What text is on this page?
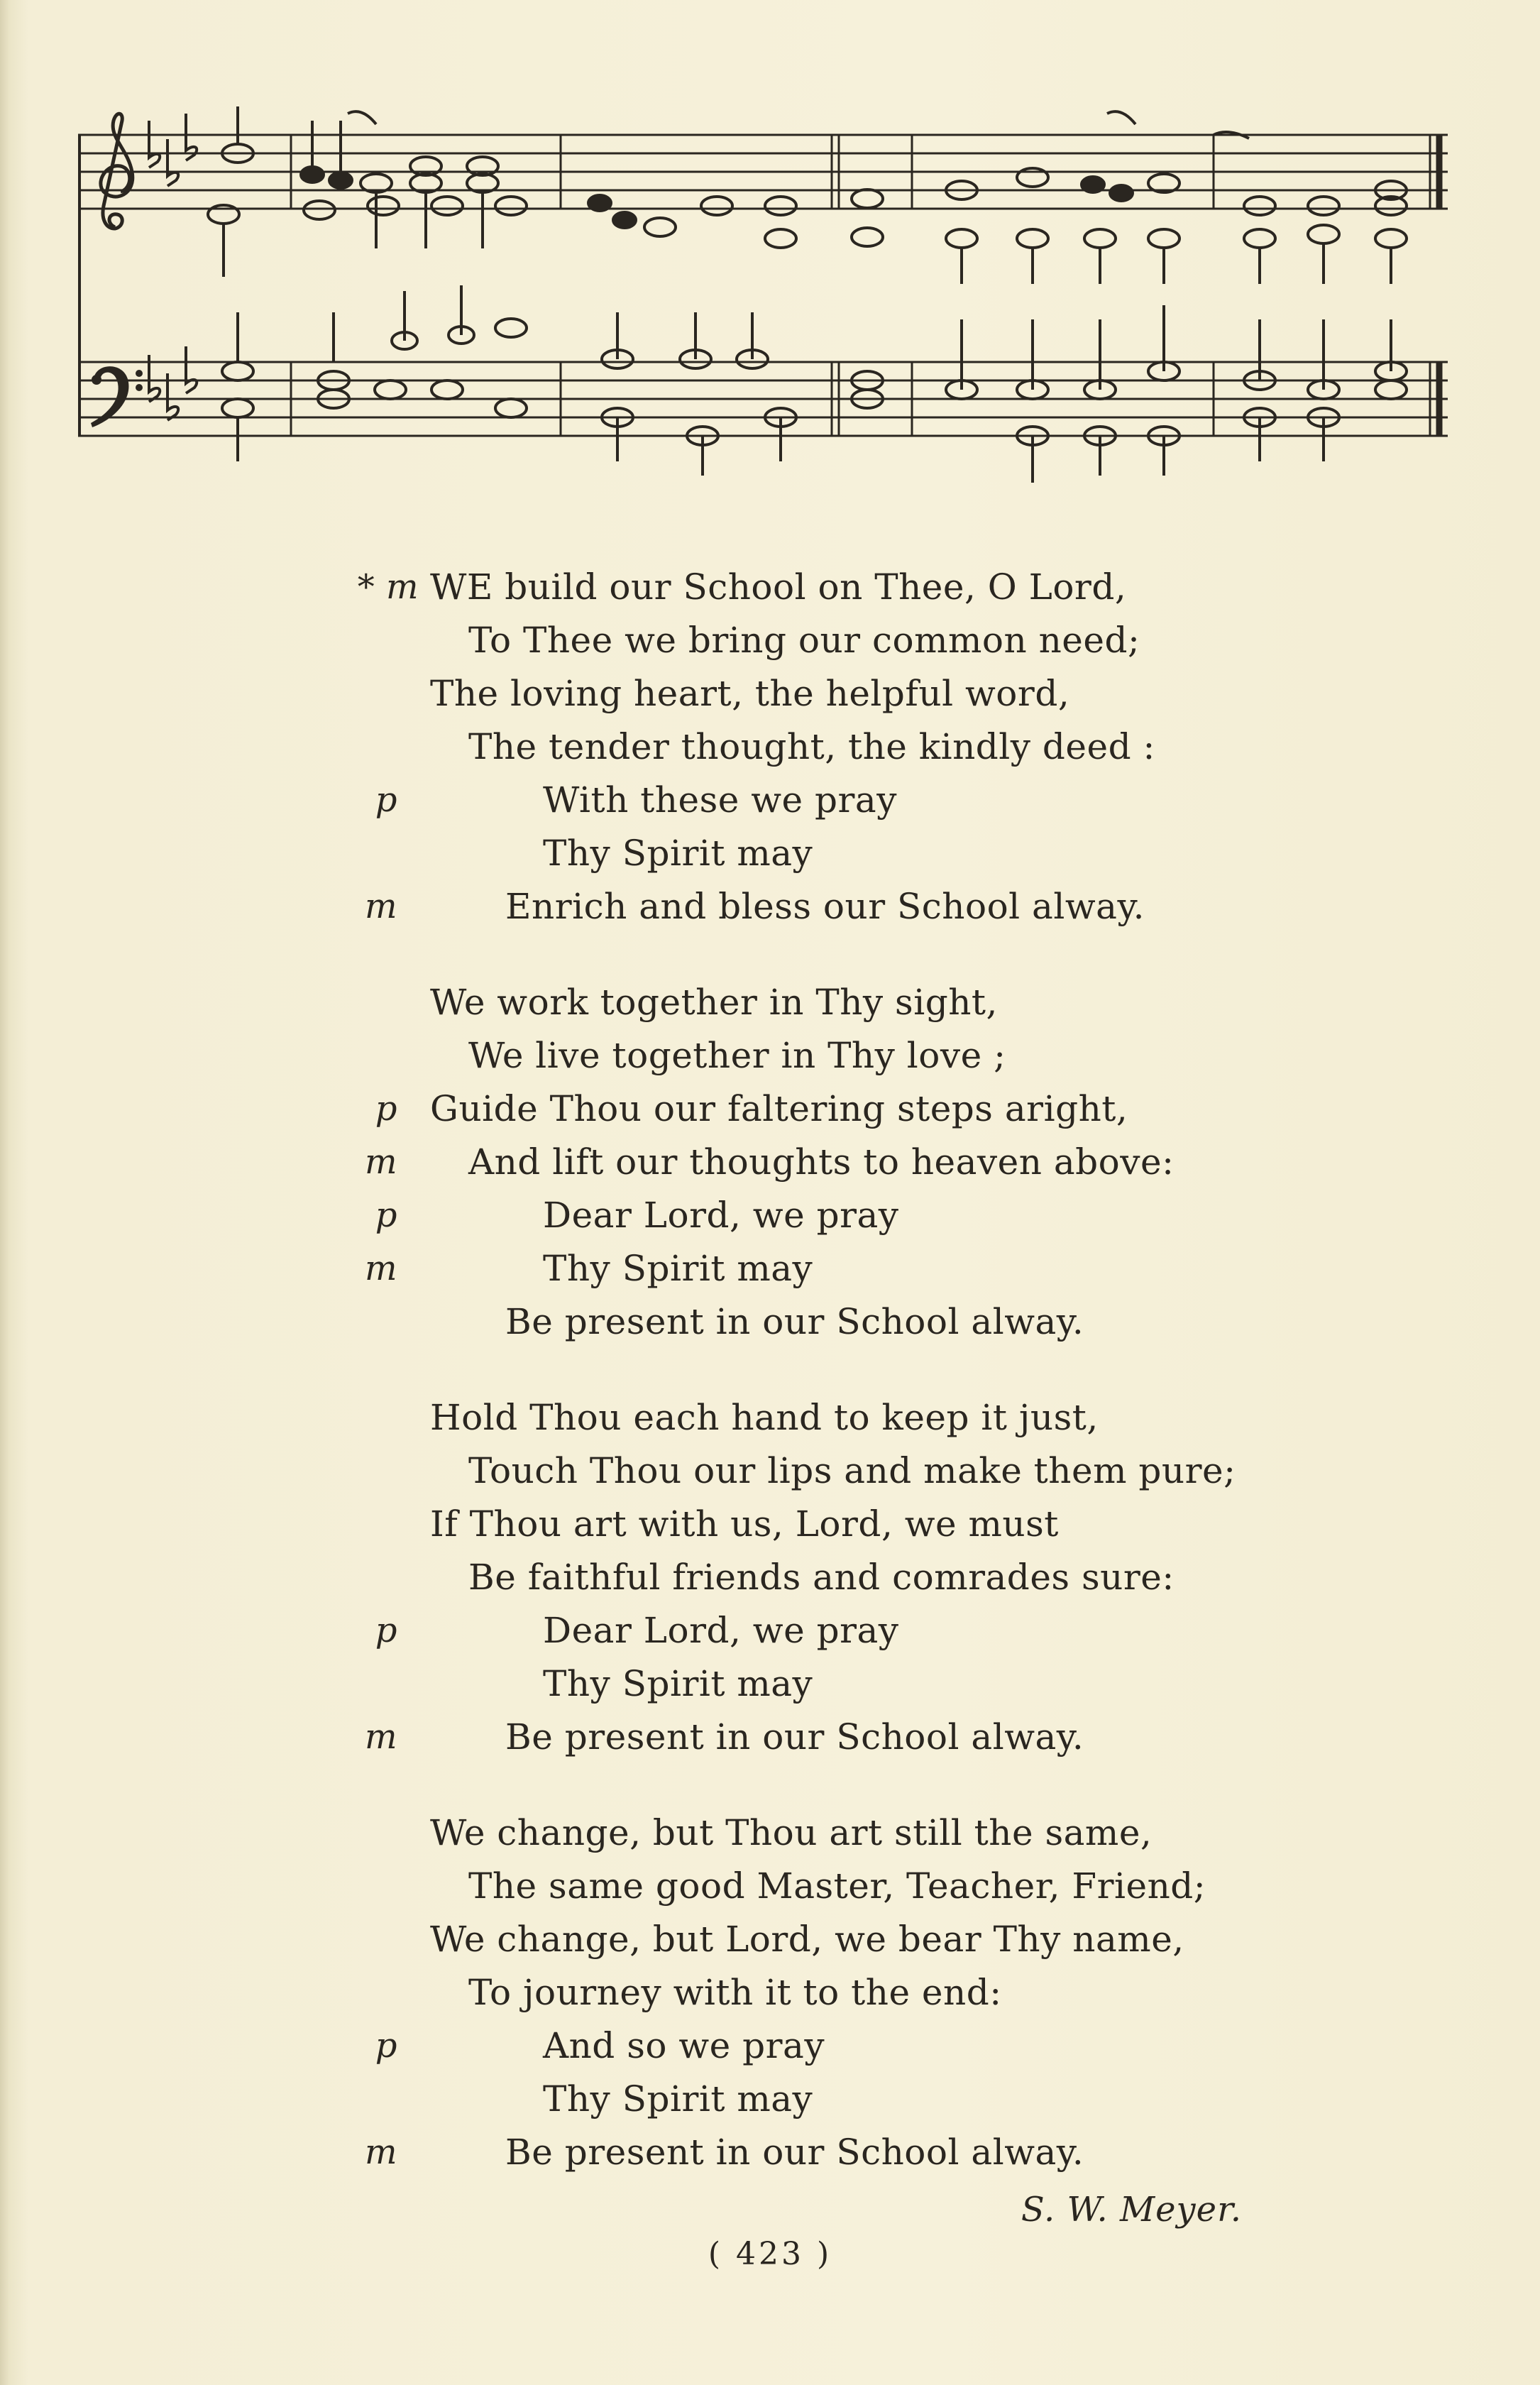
* m WE build our School on Thee, O Lord,
To Thee we bring our common need;
The loving heart, the helpful word,
The tender thought, the kindly deed :
p	With these we pray
Thy Spirit may
m	Enrich and bless our School alway.
We work together in Thy sight,
We live together in Thy love ;
p Guide Thou our faltering steps aright,
m And lift our thoughts to heaven above:
p	Dear Lord, we pray
m	Thy Spirit may
Be present in our School alway.
Hold Thou each hand to keep it just,
Touch Thou our lips and make them pure;
If Thou art with us, Lord, we must
Be faithful friends and comrades sure:
p	Dear Lord, we pray
Thy Spirit may
m	Be present in our School alway.
We change, but Thou art still the same,
The same good Master, Teacher, Friend;
We change, but Lord, we bear Thy name,
To journey with it to the end:
p	And so we pray
Thy Spirit may
m	Be present in our School alway.
S. W. Meyer.
( 423 )
